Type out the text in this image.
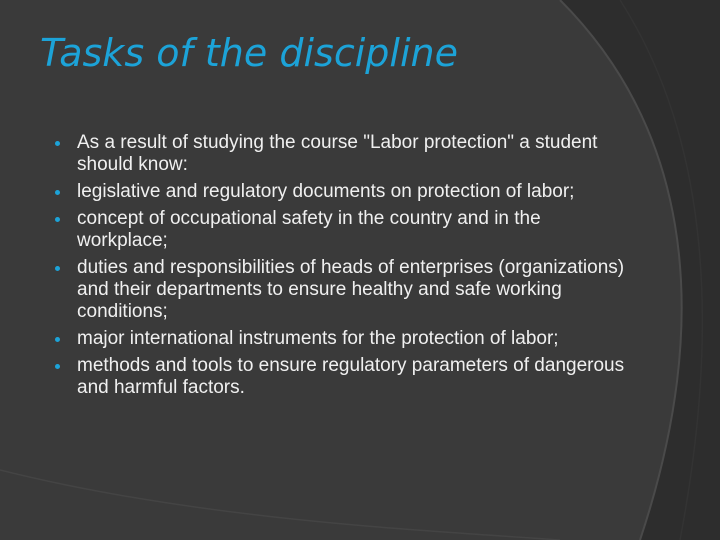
Tasks of the discipline
As a result of studying the course "Labor protection" a student should know:
legislative and regulatory documents on protection of labor;
concept of occupational safety in the country and in the workplace;
duties and responsibilities of heads of enterprises (organizations) and their departments to ensure healthy and safe working conditions;
major international instruments for the protection of labor;
methods and tools to ensure regulatory parameters of dangerous and harmful factors.
